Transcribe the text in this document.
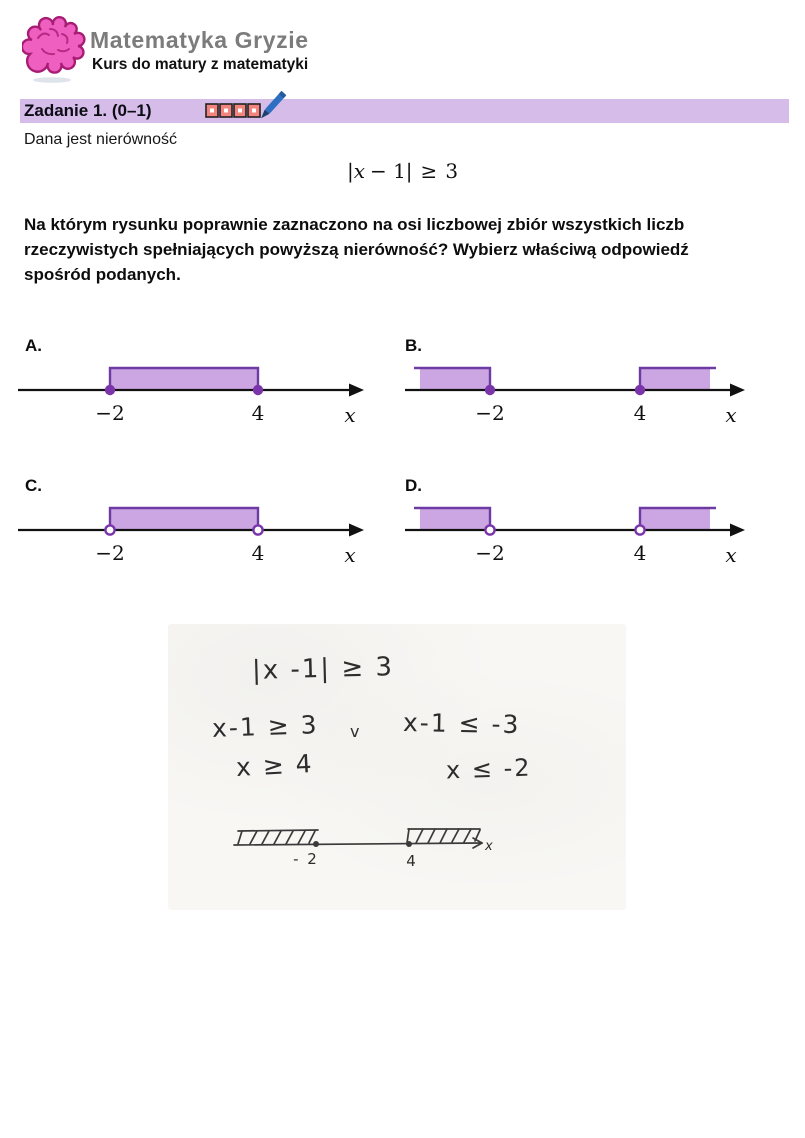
Matematyka Gryzie
Kurs do matury z matematyki
Zadanie 1. (0–1)
Dana jest nierówność
|x − 1| ≥ 3
Na którym rysunku poprawnie zaznaczono na osi liczbowej zbiór wszystkich liczb
rzeczywistych spełniających powyższą nierówność? Wybierz właściwą odpowiedź
spośród podanych.
A.	B.
C.	D.
−2	4	x	−2	4	x
−2	4	x	−2	4	x
|x -1| ≥ 3
x-1 ≥ 3 v x-1 ≤ -3
x ≥ 4	x ≤ -2
- 2	4
x
